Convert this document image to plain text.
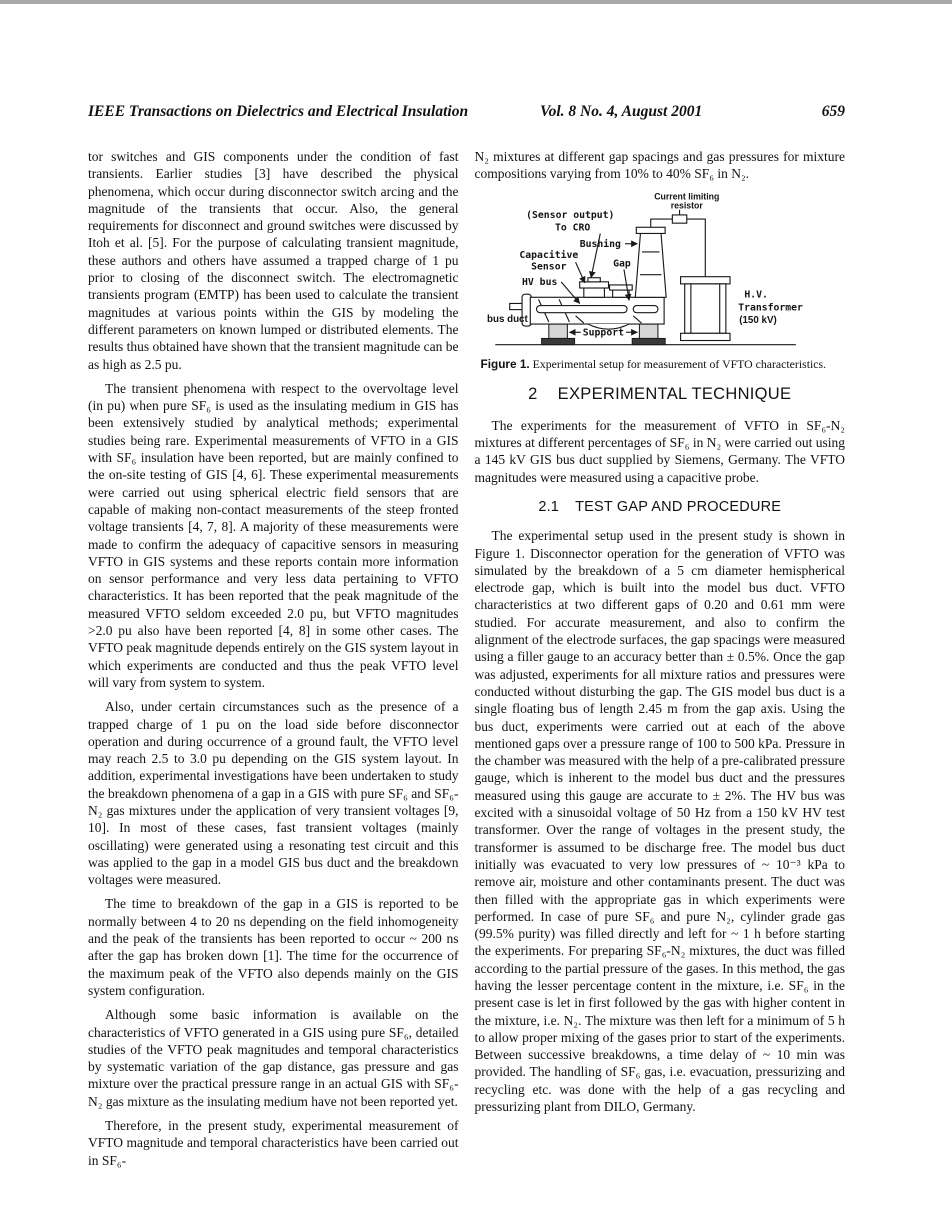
IEEE Transactions on Dielectrics and Electrical Insulation	Vol. 8 No. 4, August 2001	659

tor switches and GIS components under the condition of fast transients. Earlier studies [3] have described the physical phenomena, which occur during disconnector switch arcing and the magnitude of the transients that occur. Also, the general requirements for disconnect and ground switches were discussed by Itoh et al. [5]. For the purpose of calculating transient magnitude, these authors and others have assumed a trapped charge of 1 pu prior to closing of the disconnect switch. The electromagnetic transients program (EMTP) has been used to calculate the transient magnitudes at various points within the GIS by modeling the different parameters on known lumped or distributed elements. The results thus obtained have shown that the transient magnitude can be as high as 2.5 pu.

The transient phenomena with respect to the overvoltage level (in pu) when pure SF₆ is used as the insulating medium in GIS has been extensively studied by analytical methods; experimental studies being rare. Experimental measurements of VFTO in a GIS with SF₆ insulation have been reported, but are mainly confined to the on-site testing of GIS [4, 6]. These experimental measurements were carried out using spherical electric field sensors that are capable of making non-contact measurements of the steep fronted voltage transients [4, 7, 8]. A majority of these measurements were made to confirm the adequacy of capacitive sensors in measuring VFTO in GIS systems and these reports contain more information on sensor performance and very less data pertaining to VFTO characteristics. It has been reported that the peak magnitude of the measured VFTO seldom exceeded 2.0 pu, but VFTO magnitudes >2.0 pu also have been reported [4, 8] in some other cases. The VFTO peak magnitude depends entirely on the GIS system layout in which experiments are conducted and thus the peak VFTO level will vary from system to system.

Also, under certain circumstances such as the presence of a trapped charge of 1 pu on the load side before disconnector operation and during occurrence of a ground fault, the VFTO level may reach 2.5 to 3.0 pu depending on the GIS system layout. In addition, experimental investigations have been undertaken to study the breakdown phenomena of a gap in a GIS with pure SF₆ and SF₆-N₂ gas mixtures under the application of very transient voltages [9, 10]. In most of these cases, fast transient voltages (mainly oscillating) were generated using a resonating test circuit and this was applied to the gap in a model GIS bus duct and the breakdown voltages were measured.

The time to breakdown of the gap in a GIS is reported to be normally between 4 to 20 ns depending on the field inhomogeneity and the peak of the transients has been reported to occur ~ 200 ns after the gap has broken down [1]. The time for the occurrence of the maximum peak of the VFTO also depends mainly on the GIS system configuration.

Although some basic information is available on the characteristics of VFTO generated in a GIS using pure SF₆, detailed studies of the VFTO peak magnitudes and temporal characteristics by systematic variation of the gap distance, gas pressure and gas mixture over the practical pressure range in an actual GIS with SF₆-N₂ gas mixture as the insulating medium have not been reported yet.

Therefore, in the present study, experimental measurement of VFTO magnitude and temporal characteristics have been carried out in SF₆-

N₂ mixtures at different gap spacings and gas pressures for mixture compositions varying from 10% to 40% SF₆ in N₂.

Current limiting
resistor
(Sensor output)
To CRO
Bushing
Capacitive
Sensor	Gap
HV bus
bus duct
Support
H.V.
Transformer
(150 kV)
Figure 1. Experimental setup for measurement of VFTO characteristics.

2 EXPERIMENTAL TECHNIQUE

The experiments for the measurement of VFTO in SF₆-N₂ mixtures at different percentages of SF₆ in N₂ were carried out using a 145 kV GIS bus duct supplied by Siemens, Germany. The VFTO magnitudes were measured using a capacitive probe.

2.1 TEST GAP AND PROCEDURE

The experimental setup used in the present study is shown in Figure 1. Disconnector operation for the generation of VFTO was simulated by the breakdown of a 5 cm diameter hemispherical electrode gap, which is built into the model bus duct. VFTO characteristics at two different gaps of 0.20 and 0.61 mm were studied. For accurate measurement, and also to confirm the alignment of the electrode surfaces, the gap spacings were measured using a filler gauge to an accuracy better than ± 0.5%. Once the gap was adjusted, experiments for all mixture ratios and pressures were conducted without disturbing the gap. The GIS model bus duct is a single floating bus of length 2.45 m from the gap axis. Using the bus duct, experiments were carried out at each of the above mentioned gaps over a pressure range of 100 to 500 kPa. Pressure in the chamber was measured with the help of a pre-calibrated pressure gauge, which is inherent to the model bus duct and the pressures measured using this gauge are accurate to ± 2%. The HV bus was excited with a sinusoidal voltage of 50 Hz from a 150 kV HV test transformer. Over the range of voltages in the present study, the transformer is assumed to be discharge free. The model bus duct initially was evacuated to very low pressures of ~ 10⁻³ kPa to remove air, moisture and other contaminants present. The duct was then filled with the appropriate gas in which experiments were performed. In case of pure SF₆ and pure N₂, cylinder grade gas (99.5% purity) was filled directly and left for ~ 1 h before starting the experiments. For preparing SF₆-N₂ mixtures, the duct was filled according to the partial pressure of the gases. In this method, the gas having the lesser percentage content in the mixture, i.e. SF₆ in the present case is let in first followed by the gas with higher content in the mixture, i.e. N₂. The mixture was then left for a minimum of 5 h to allow proper mixing of the gases prior to start of the experiments. Between successive breakdowns, a time delay of ~ 10 min was provided. The handling of SF₆ gas, i.e. evacuation, pressurizing and recycling etc. was done with the help of a gas recycling and pressurizing plant from DILO, Germany.
